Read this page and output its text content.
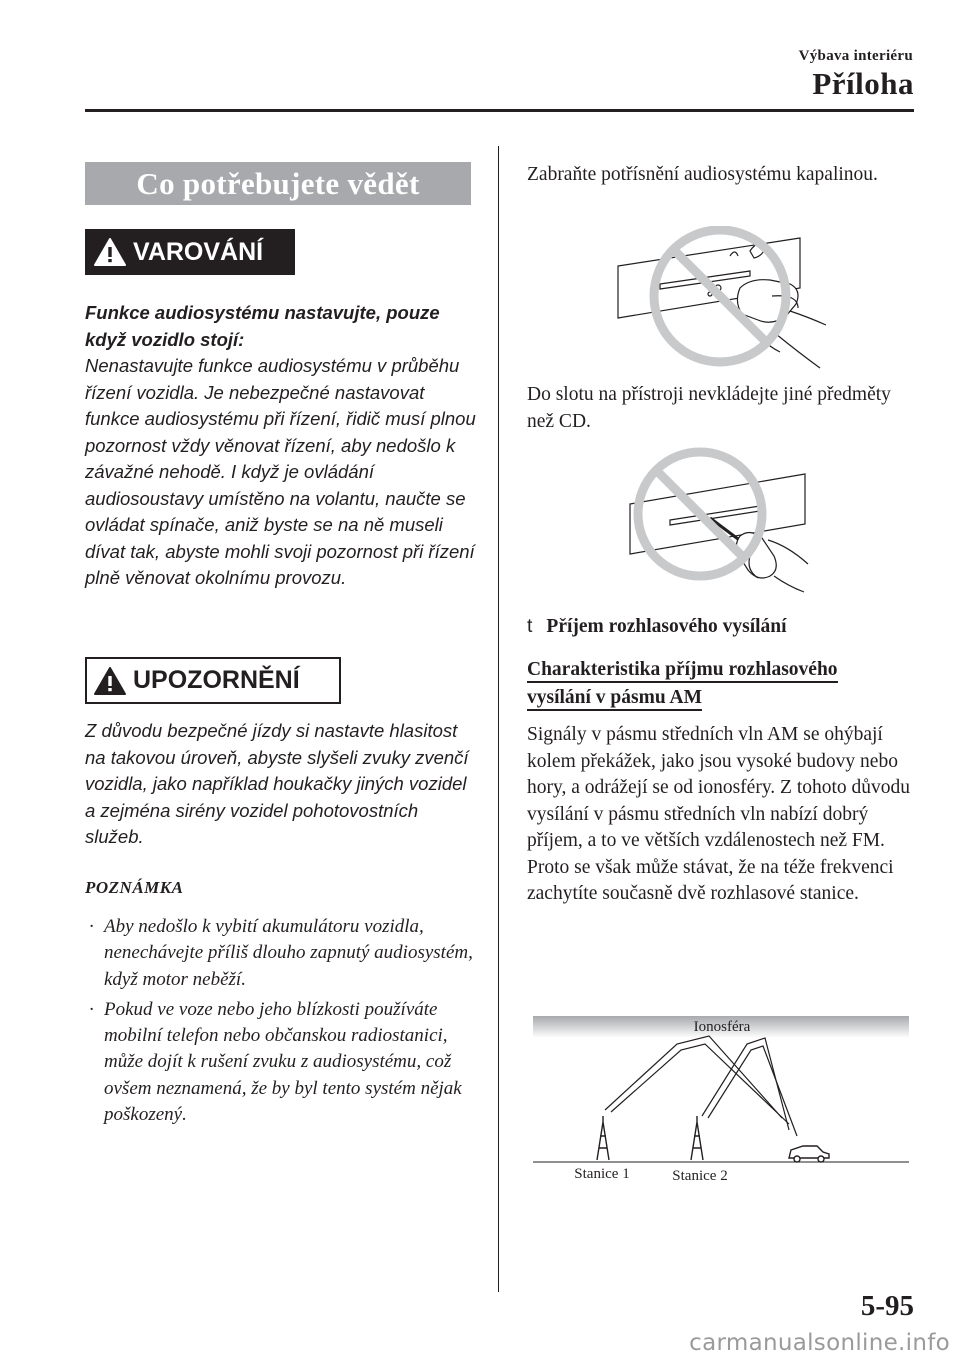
Výbava interiéru
Příloha
Co potřebujete vědět
VAROVÁNÍ
Funkce audiosystému nastavujte, pouze když vozidlo stojí:
Nenastavujte funkce audiosystému v průběhu řízení vozidla. Je nebezpečné nastavovat funkce audiosystému při řízení, řidič musí plnou pozornost vždy věnovat řízení, aby nedošlo k závažné nehodě. I když je ovládání audiosoustavy umístěno na volantu, naučte se ovládat spínače, aniž byste se na ně museli dívat tak, abyste mohli svoji pozornost při řízení plně věnovat okolnímu provozu.
UPOZORNĚNÍ
Z důvodu bezpečné jízdy si nastavte hlasitost na takovou úroveň, abyste slyšeli zvuky zvenčí vozidla, jako například houkačky jiných vozidel a zejména sirény vozidel pohotovostních služeb.
POZNÁMKA
· Aby nedošlo k vybití akumulátoru vozidla, nenechávejte příliš dlouho zapnutý audiosystém, když motor neběží.
· Pokud ve voze nebo jeho blízkosti používáte mobilní telefon nebo občanskou radiostanici, může dojít k rušení zvuku z audiosystému, což ovšem neznamená, že by byl tento systém nějak poškozený.
Zabraňte potřísnění audiosystému kapalinou.
Do slotu na přístroji nevkládejte jiné předměty než CD.
t Příjem rozhlasového vysílání
Charakteristika příjmu rozhlasového vysílání v pásmu AM
Signály v pásmu středních vln AM se ohýbají kolem překážek, jako jsou vysoké budovy nebo hory, a odrážejí se od ionosféry. Z tohoto důvodu vysílání v pásmu středních vln nabízí dobrý příjem, a to ve větších vzdálenostech než FM. Proto se však může stávat, že na téže frekvenci zachytíte současně dvě rozhlasové stanice.
Ionosféra
Stanice 1	Stanice 2
5-95
carmanualsonline.info
